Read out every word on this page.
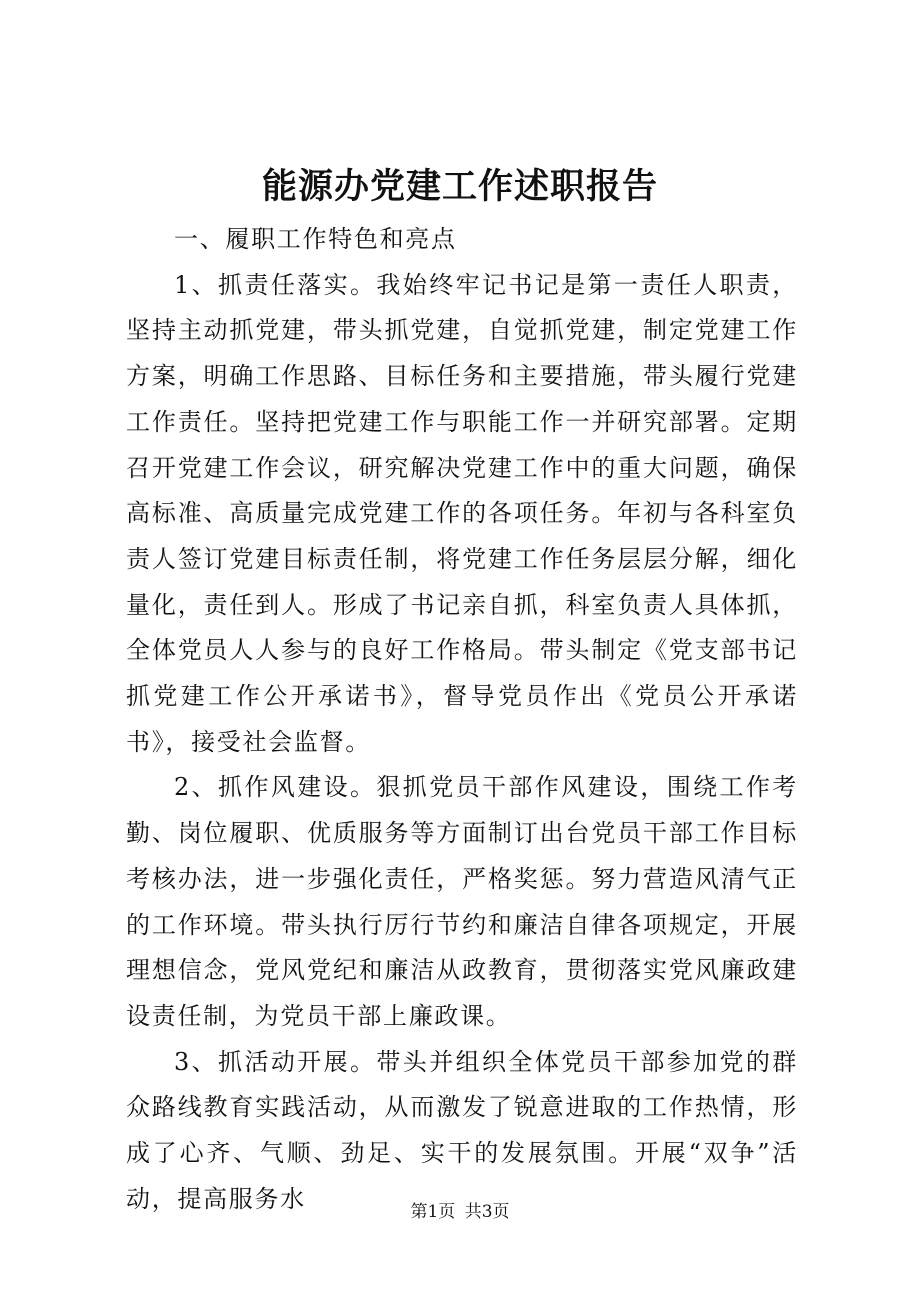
能源办党建工作述职报告

一、履职工作特色和亮点

1、抓责任落实。我始终牢记书记是第一责任人职责，坚持主动抓党建，带头抓党建，自觉抓党建，制定党建工作方案，明确工作思路、目标任务和主要措施，带头履行党建工作责任。坚持把党建工作与职能工作一并研究部署。定期召开党建工作会议，研究解决党建工作中的重大问题，确保高标准、高质量完成党建工作的各项任务。年初与各科室负责人签订党建目标责任制，将党建工作任务层层分解，细化量化，责任到人。形成了书记亲自抓，科室负责人具体抓，全体党员人人参与的良好工作格局。带头制定《党支部书记抓党建工作公开承诺书》，督导党员作出《党员公开承诺书》，接受社会监督。

2、抓作风建设。狠抓党员干部作风建设，围绕工作考勤、岗位履职、优质服务等方面制订出台党员干部工作目标考核办法，进一步强化责任，严格奖惩。努力营造风清气正的工作环境。带头执行厉行节约和廉洁自律各项规定，开展理想信念，党风党纪和廉洁从政教育，贯彻落实党风廉政建设责任制，为党员干部上廉政课。

3、抓活动开展。带头并组织全体党员干部参加党的群众路线教育实践活动，从而激发了锐意进取的工作热情，形成了心齐、气顺、劲足、实干的发展氛围。开展“双争”活动，提高服务水	第1页 共3页
